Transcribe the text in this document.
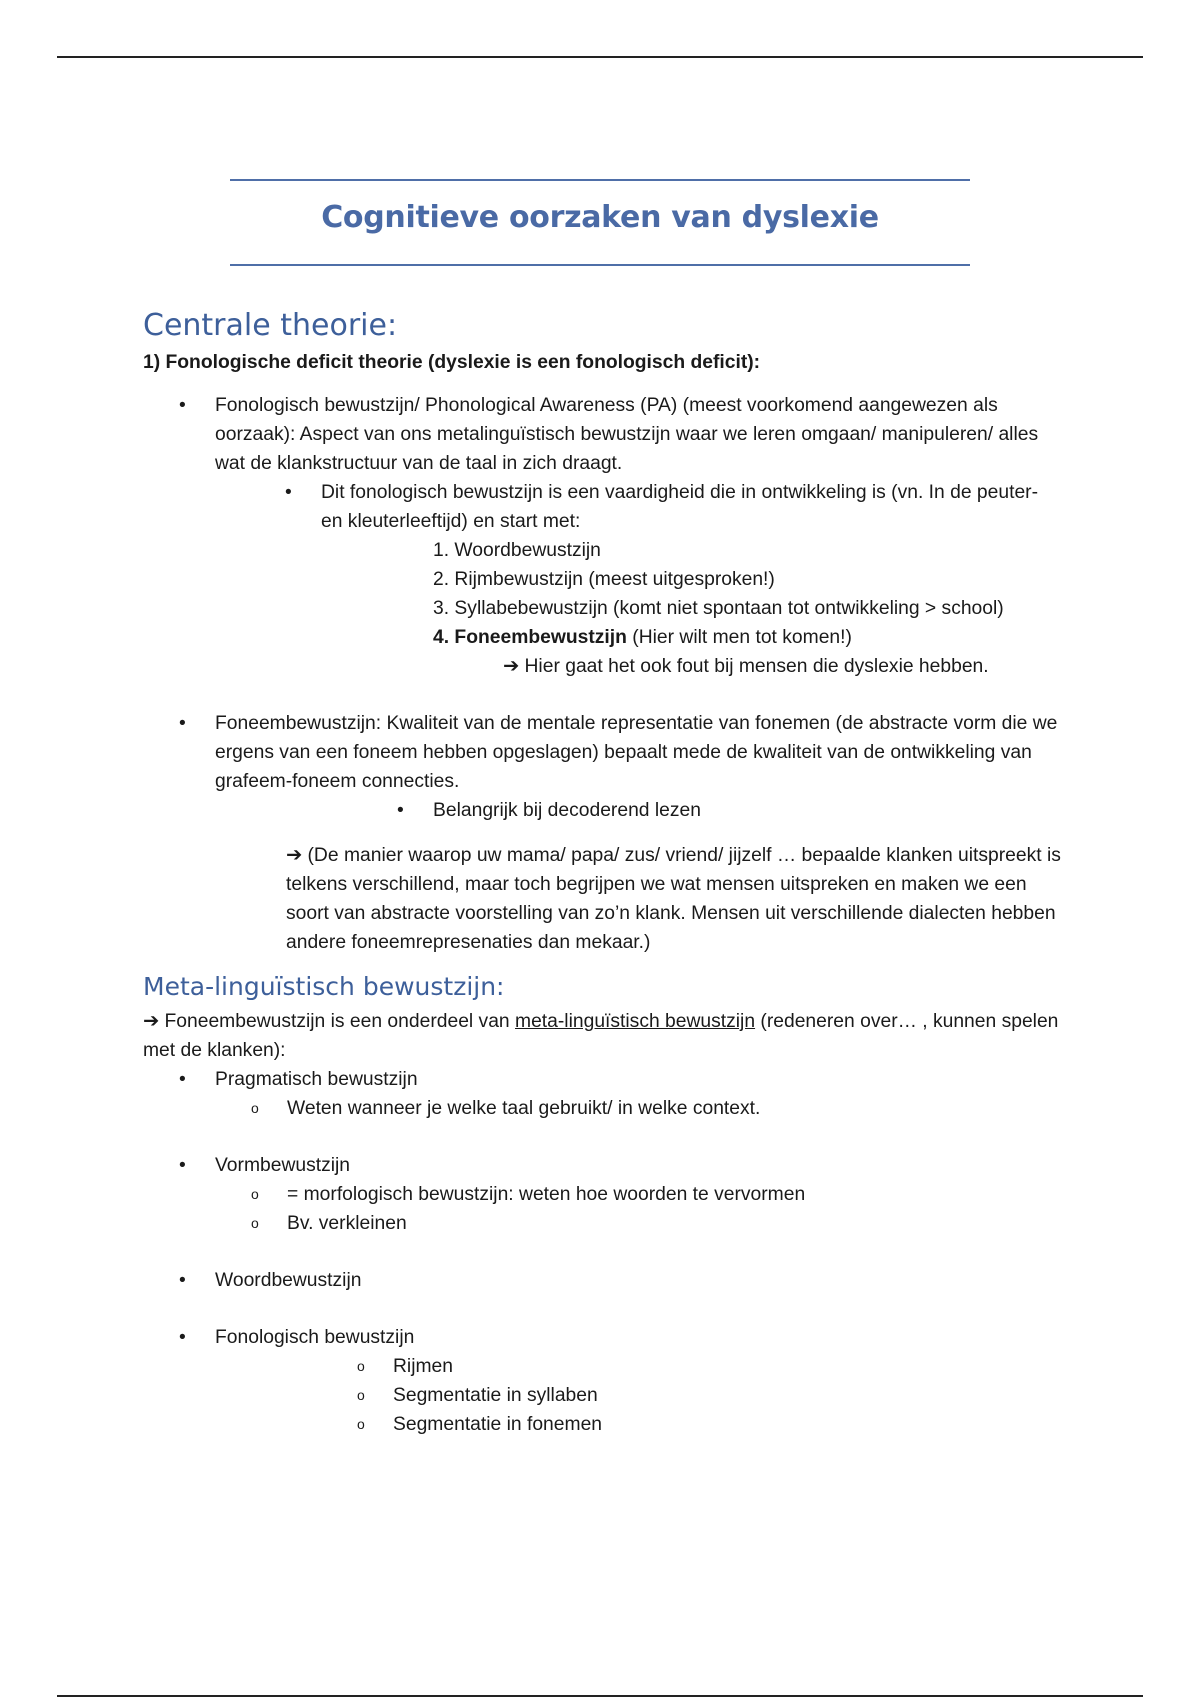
Cognitieve oorzaken van dyslexie
Centrale theorie:
1) Fonologische deficit theorie (dyslexie is een fonologisch deficit):
• Fonologisch bewustzijn/ Phonological Awareness (PA) (meest voorkomend aangewezen als oorzaak): Aspect van ons metalinguïstisch bewustzijn waar we leren omgaan/ manipuleren/ alles wat de klankstructuur van de taal in zich draagt.
• Dit fonologisch bewustzijn is een vaardigheid die in ontwikkeling is (vn. In de peuter- en kleuterleeftijd) en start met:
1. Woordbewustzijn
2. Rijmbewustzijn (meest uitgesproken!)
3. Syllabebewustzijn (komt niet spontaan tot ontwikkeling > school)
4. Foneembewustzijn (Hier wilt men tot komen!)
➔ Hier gaat het ook fout bij mensen die dyslexie hebben.
• Foneembewustzijn: Kwaliteit van de mentale representatie van fonemen (de abstracte vorm die we ergens van een foneem hebben opgeslagen) bepaalt mede de kwaliteit van de ontwikkeling van grafeem-foneem connecties.
• Belangrijk bij decoderend lezen
➔ (De manier waarop uw mama/ papa/ zus/ vriend/ jijzelf … bepaalde klanken uitspreekt is telkens verschillend, maar toch begrijpen we wat mensen uitspreken en maken we een soort van abstracte voorstelling van zo’n klank. Mensen uit verschillende dialecten hebben andere foneemrepresenaties dan mekaar.)
Meta-linguïstisch bewustzijn:
➔ Foneembewustzijn is een onderdeel van meta-linguïstisch bewustzijn (redeneren over… , kunnen spelen met de klanken):
• Pragmatisch bewustzijn
o Weten wanneer je welke taal gebruikt/ in welke context.
• Vormbewustzijn
o = morfologisch bewustzijn: weten hoe woorden te vervormen
o Bv. verkleinen
• Woordbewustzijn
• Fonologisch bewustzijn
o Rijmen
o Segmentatie in syllaben
o Segmentatie in fonemen
